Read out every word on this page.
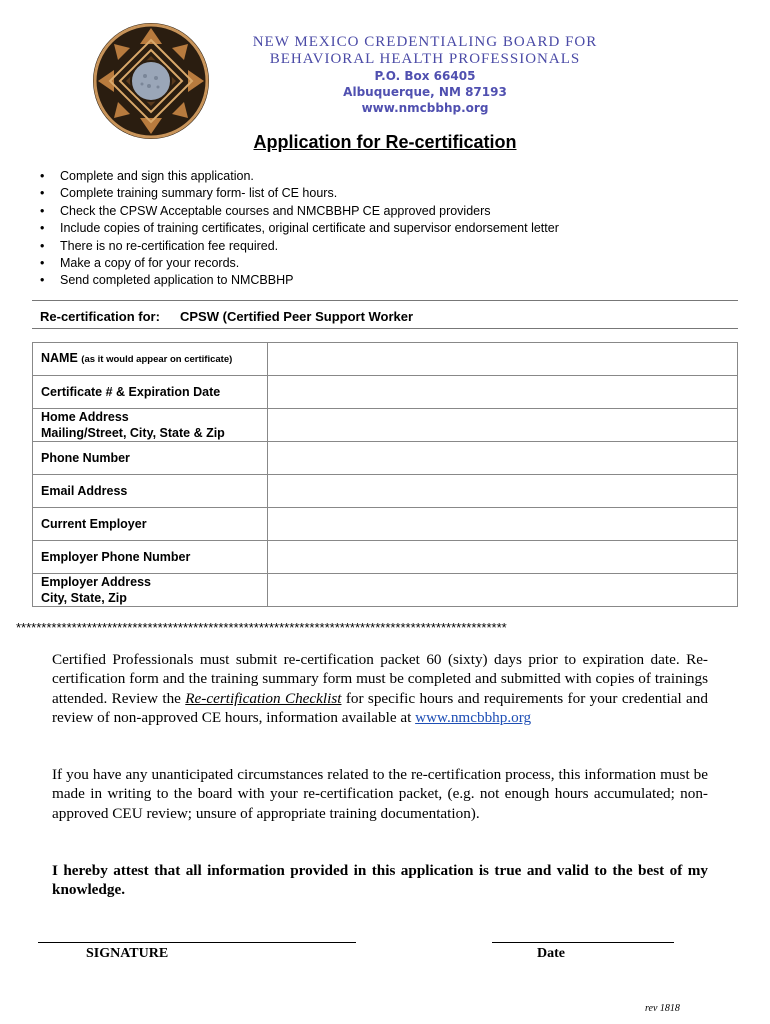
NEW MEXICO CREDENTIALING BOARD FOR
BEHAVIORAL HEALTH PROFESSIONALS
P.O. Box 66405
Albuquerque, NM 87193
www.nmcbbhp.org
Application for Re-certification
• Complete and sign this application.
• Complete training summary form- list of CE hours.
• Check the CPSW Acceptable courses and NMCBBHP CE approved providers
• Include copies of training certificates, original certificate and supervisor endorsement letter
• There is no re-certification fee required.
• Make a copy of for your records.
• Send completed application to NMCBBHP
Re-certification for: CPSW (Certified Peer Support Worker
NAME (as it would appear on certificate)	
Certificate # & Expiration Date	

Home Address
Mailing/Street, City, State & Zip	

Phone Number	
Email Address	
Current Employer	
Employer Phone Number	

Employer Address
City, State, Zip	

*************************************************************************************************
Certified Professionals must submit re-certification packet 60 (sixty) days prior to expiration date. Re-certification form and the training summary form must be completed and submitted with copies of trainings attended. Review the Re-certification Checklist for specific hours and requirements for your credential and review of non-approved CE hours, information available at www.nmcbbhp.org
If you have any unanticipated circumstances related to the re-certification process, this information must be made in writing to the board with your re-certification packet, (e.g. not enough hours accumulated; non-approved CEU review; unsure of appropriate training documentation).
I hereby attest that all information provided in this application is true and valid to the best of my knowledge.
SIGNATURE	Date
rev 1818
